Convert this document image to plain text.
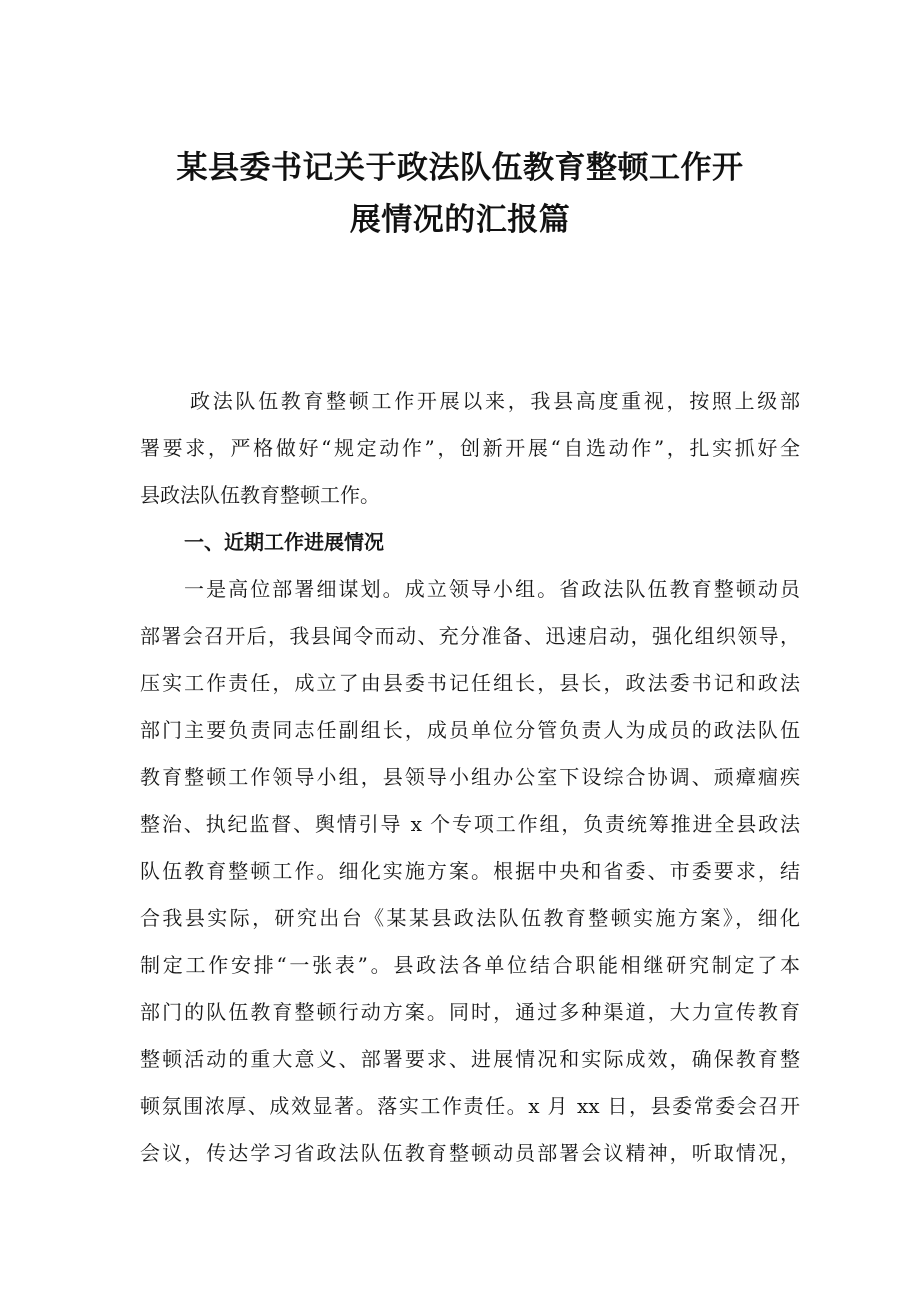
某县委书记关于政法队伍教育整顿工作开
展情况的汇报篇
政法队伍教育整顿工作开展以来，我县高度重视，按照上级部
署要求，严格做好“规定动作”，创新开展“自选动作”，扎实抓好全
县政法队伍教育整顿工作。
一、近期工作进展情况
一是高位部署细谋划。成立领导小组。省政法队伍教育整顿动员
部署会召开后，我县闻令而动、充分准备、迅速启动，强化组织领导，
压实工作责任，成立了由县委书记任组长，县长，政法委书记和政法
部门主要负责同志任副组长，成员单位分管负责人为成员的政法队伍
教育整顿工作领导小组，县领导小组办公室下设综合协调、顽瘴痼疾
整治、执纪监督、舆情引导 x 个专项工作组，负责统筹推进全县政法
队伍教育整顿工作。细化实施方案。根据中央和省委、市委要求，结
合我县实际，研究出台《某某县政法队伍教育整顿实施方案》，细化
制定工作安排“一张表”。县政法各单位结合职能相继研究制定了本
部门的队伍教育整顿行动方案。同时，通过多种渠道，大力宣传教育
整顿活动的重大意义、部署要求、进展情况和实际成效，确保教育整
顿氛围浓厚、成效显著。落实工作责任。x 月 xx 日，县委常委会召开
会议，传达学习省政法队伍教育整顿动员部署会议精神，听取情况，
